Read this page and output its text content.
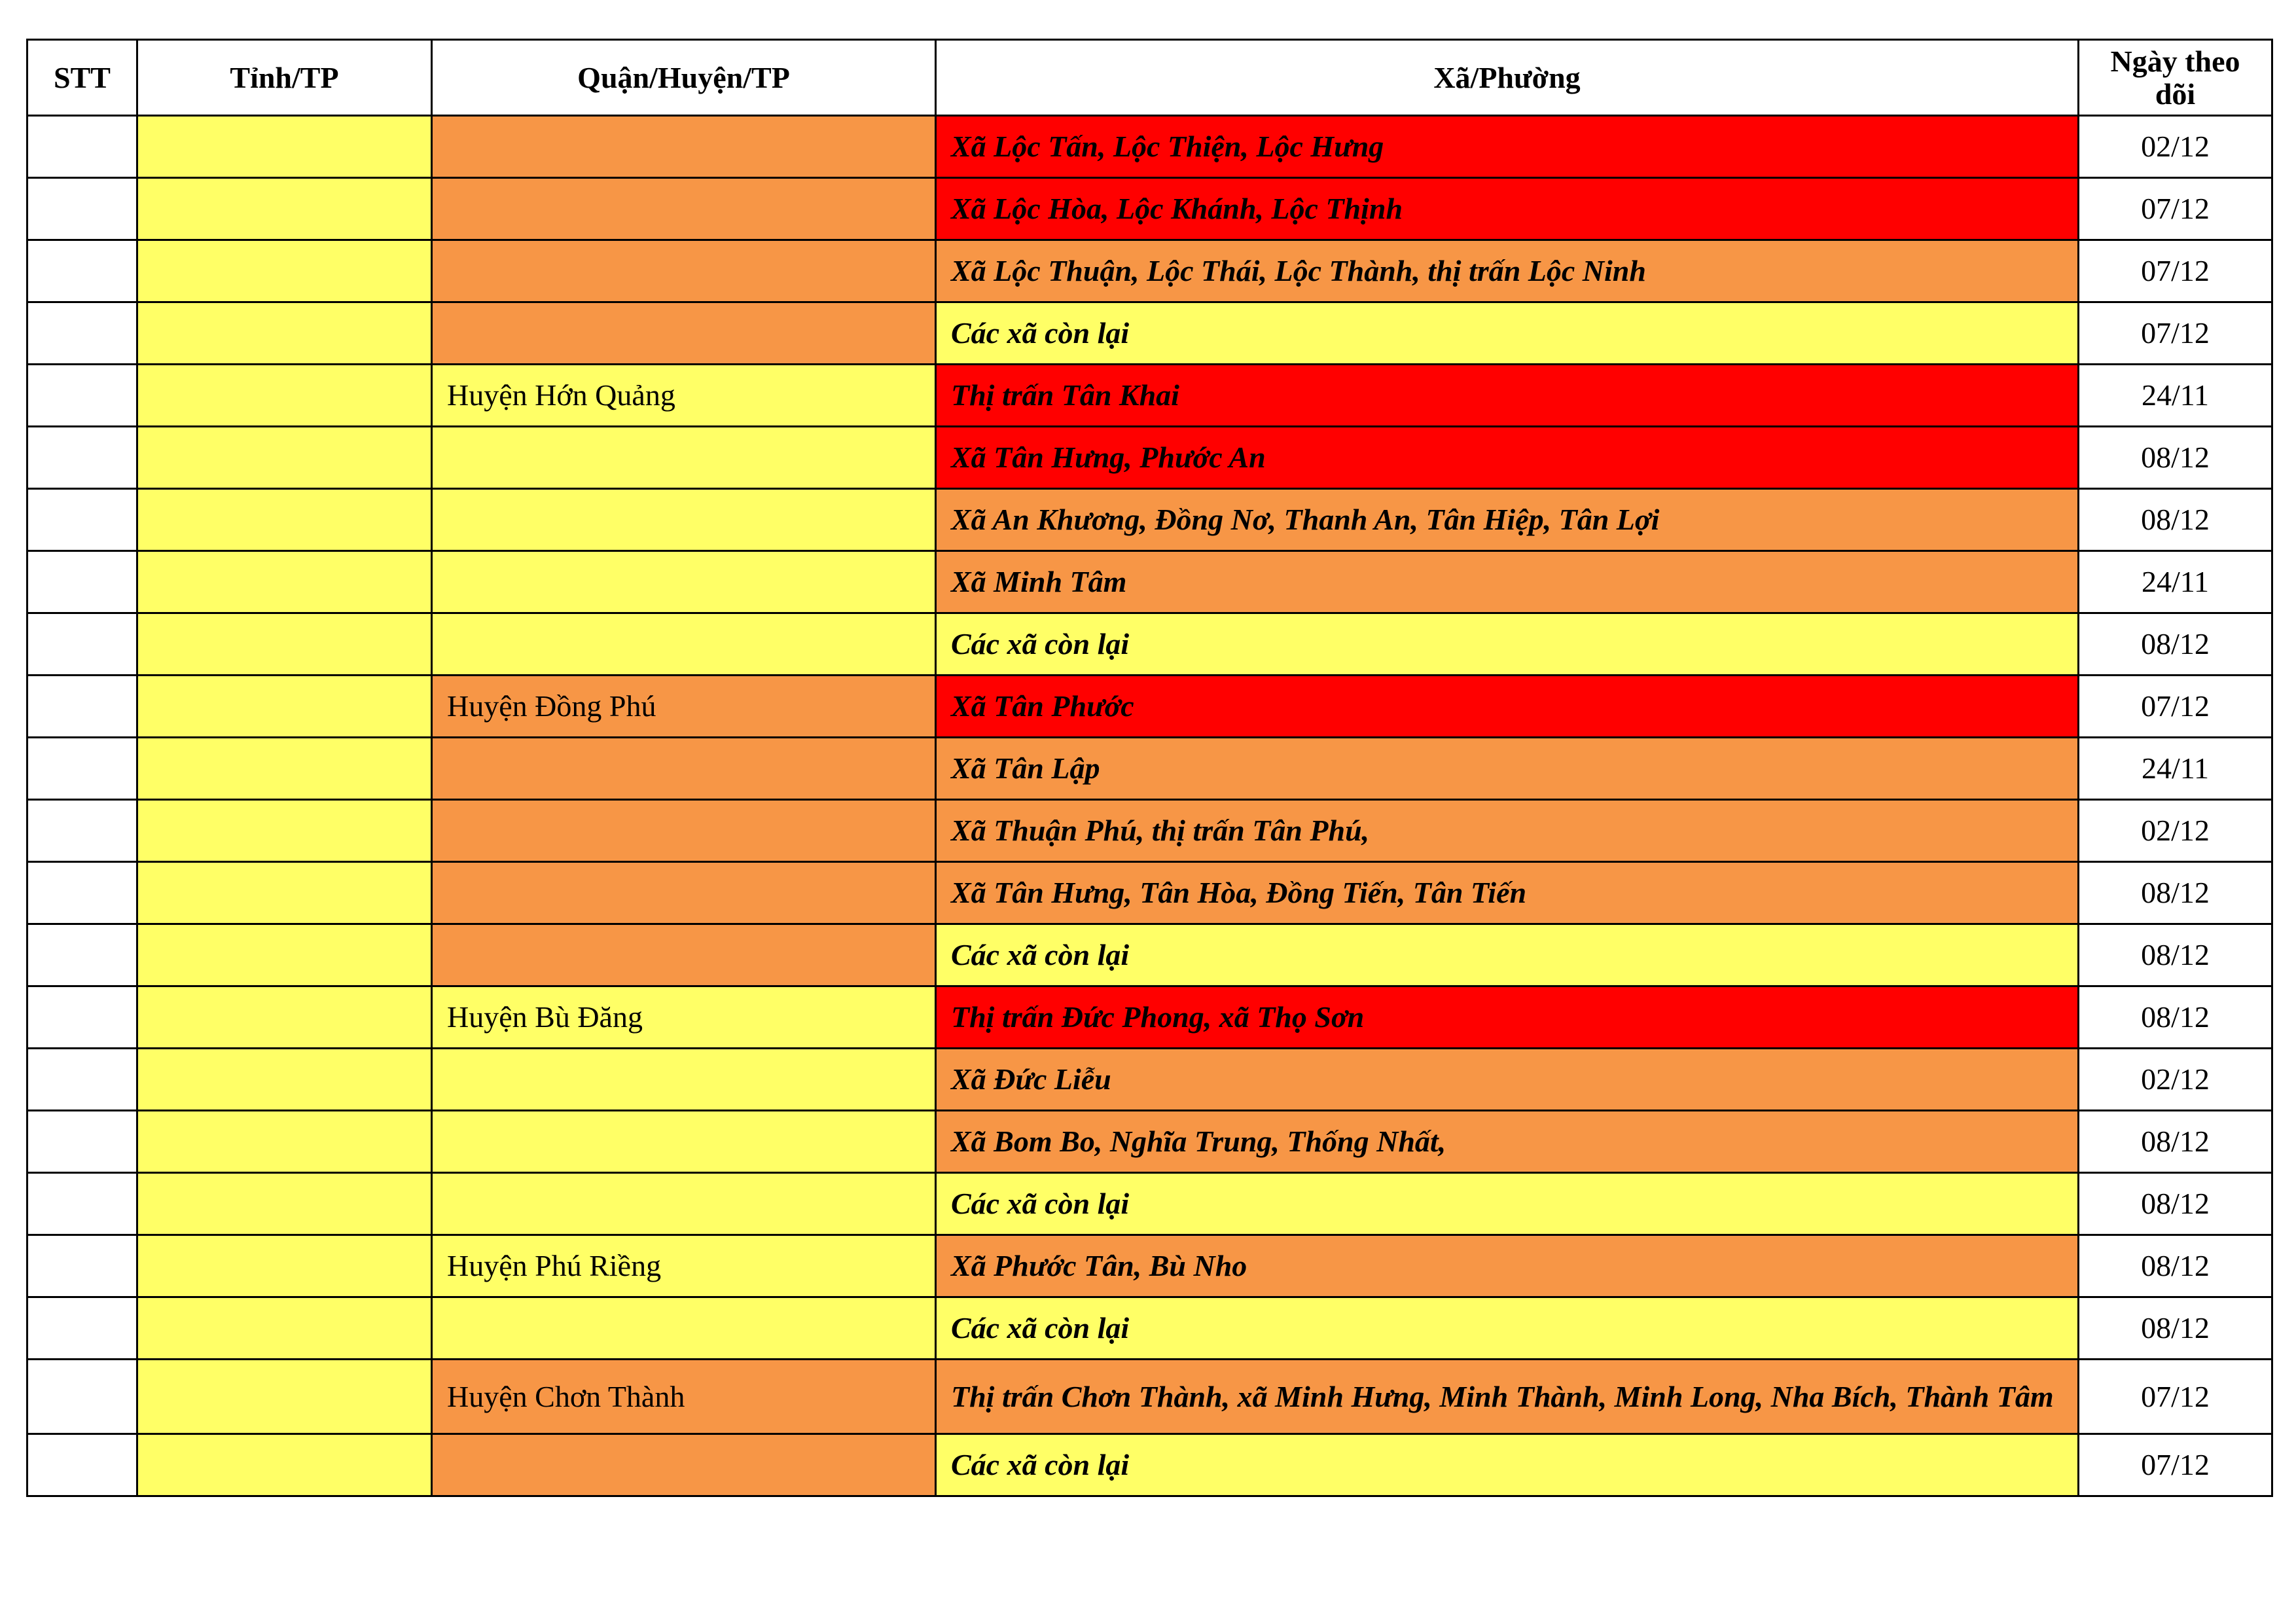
STT	Tỉnh/TP	Quận/Huyện/TP	Xã/Phường	Ngày theo dõi
			Xã Lộc Tấn, Lộc Thiện, Lộc Hưng	02/12
			Xã Lộc Hòa, Lộc Khánh, Lộc Thịnh	07/12
			Xã Lộc Thuận, Lộc Thái, Lộc Thành, thị trấn Lộc Ninh	07/12
			Các xã còn lại	07/12
		Huyện Hớn Quảng	Thị trấn Tân Khai	24/11
			Xã Tân Hưng, Phước An	08/12
			Xã An Khương, Đồng Nơ, Thanh An, Tân Hiệp, Tân Lợi	08/12
			Xã Minh Tâm	24/11
			Các xã còn lại	08/12
		Huyện Đồng Phú	Xã Tân Phước	07/12
			Xã Tân Lập	24/11
			Xã Thuận Phú, thị trấn Tân Phú,	02/12
			Xã Tân Hưng, Tân Hòa, Đồng Tiến, Tân Tiến	08/12
			Các xã còn lại	08/12
		Huyện Bù Đăng	Thị trấn Đức Phong, xã Thọ Sơn	08/12
			Xã Đức Liễu	02/12
			Xã Bom Bo, Nghĩa Trung, Thống Nhất,	08/12
			Các xã còn lại	08/12
		Huyện Phú Riềng	Xã Phước Tân, Bù Nho	08/12
			Các xã còn lại	08/12
		Huyện Chơn Thành	Thị trấn Chơn Thành, xã Minh Hưng, Minh Thành, Minh Long, Nha Bích, Thành Tâm	07/12
			Các xã còn lại	07/12
